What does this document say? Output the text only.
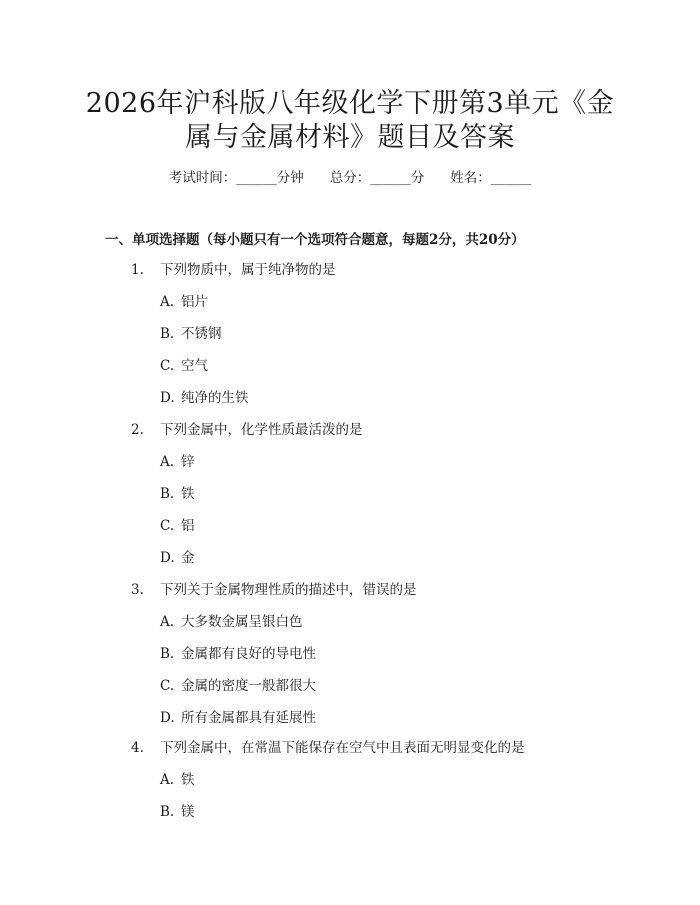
2026年沪科版八年级化学下册第3单元《金
属与金属材料》题目及答案
考试时间：______分钟 总分：______分 姓名：______
一、单项选择题（每小题只有一个选项符合题意，每题2分，共20分）
1. 下列物质中，属于纯净物的是
A. 铝片
B. 不锈钢
C. 空气
D. 纯净的生铁
2. 下列金属中，化学性质最活泼的是
A. 锌
B. 铁
C. 铝
D. 金
3. 下列关于金属物理性质的描述中，错误的是
A. 大多数金属呈银白色
B. 金属都有良好的导电性
C. 金属的密度一般都很大
D. 所有金属都具有延展性
4. 下列金属中，在常温下能保存在空气中且表面无明显变化的是
A. 铁
B. 镁
